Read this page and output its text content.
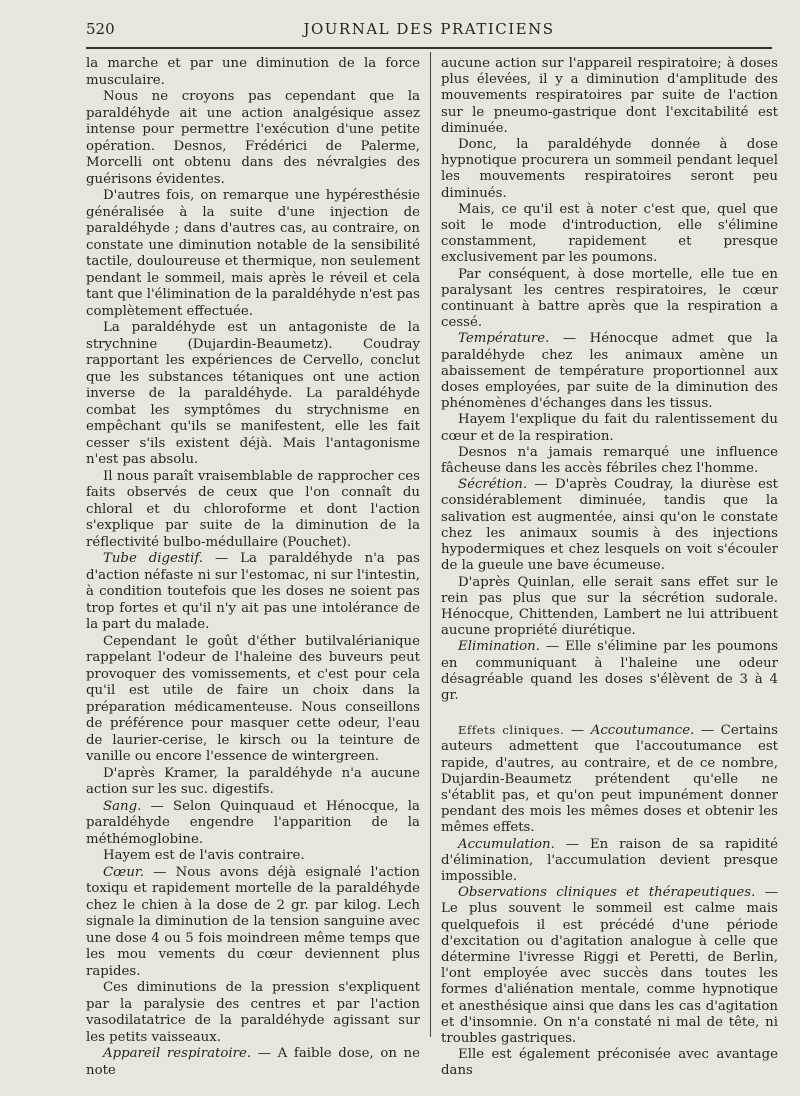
520	JOURNAL DES PRATICIENS

la marche et par une diminution de la force musculaire.

Nous ne croyons pas cependant que la paraldéhyde ait une action analgésique assez intense pour permettre l'exécution d'une petite opération. Desnos, Frédérici de Palerme, Morcelli ont obtenu dans des névralgies des guérisons évidentes.

D'autres fois, on remarque une hypéresthésie généralisée à la suite d'une injection de paraldéhyde ; dans d'autres cas, au contraire, on constate une diminution notable de la sensibilité tactile, douloureuse et thermique, non seulement pendant le sommeil, mais après le réveil et cela tant que l'élimination de la paraldéhyde n'est pas complètement effectuée.

La paraldéhyde est un antagoniste de la strychnine (Dujardin-Beaumetz). Coudray rapportant les expériences de Cervello, conclut que les substances tétaniques ont une action inverse de la paraldéhyde. La paraldéhyde combat les symptômes du strychnisme en empêchant qu'ils se manifestent, elle les fait cesser s'ils existent déjà. Mais l'antagonisme n'est pas absolu.

Il nous paraît vraisemblable de rapprocher ces faits observés de ceux que l'on connaît du chloral et du chloroforme et dont l'action s'explique par suite de la diminution de la réflectivité bulbo-médullaire (Pouchet).

Tube digestif. — La paraldéhyde n'a pas d'action néfaste ni sur l'estomac, ni sur l'intestin, à condition toutefois que les doses ne soient pas trop fortes et qu'il n'y ait pas une intolérance de la part du malade.

Cependant le goût d'éther butilvalérianique rappelant l'odeur de l'haleine des buveurs peut provoquer des vomissements, et c'est pour cela qu'il est utile de faire un choix dans la préparation médicamenteuse. Nous conseillons de préférence pour masquer cette odeur, l'eau de laurier-cerise, le kirsch ou la teinture de vanille ou encore l'essence de wintergreen.

D'après Kramer, la paraldéhyde n'a aucune action sur les suc. digestifs.

Sang. — Selon Quinquaud et Hénocque, la paraldéhyde engendre l'apparition de la méthémoglobine.

Hayem est de l'avis contraire.

Cœur. — Nous avons déjà esignalé l'action toxiqu et rapidement mortelle de la paraldéhyde chez le chien à la dose de 2 gr. par kilog. Lech signale la diminution de la tension sanguine avec une dose 4 ou 5 fois moindreen même temps que les mou vements du cœur deviennent plus rapides.

Ces diminutions de la pression s'expliquent par la paralysie des centres et par l'action vasodilatatrice de la paraldéhyde agissant sur les petits vaisseaux.

Appareil respiratoire. — A faible dose, on ne note

aucune action sur l'appareil respiratoire; à doses plus élevées, il y a diminution d'amplitude des mouvements respiratoires par suite de l'action sur le pneumo-gastrique dont l'excitabilité est diminuée.

Donc, la paraldéhyde donnée à dose hypnotique procurera un sommeil pendant lequel les mouvements respiratoires seront peu diminués.

Mais, ce qu'il est à noter c'est que, quel que soit le mode d'introduction, elle s'élimine constamment, rapidement et presque exclusivement par les poumons.

Par conséquent, à dose mortelle, elle tue en paralysant les centres respiratoires, le cœur continuant à battre après que la respiration a cessé.

Température. — Hénocque admet que la paraldéhyde chez les animaux amène un abaissement de température proportionnel aux doses employées, par suite de la diminution des phénomènes d'échanges dans les tissus.

Hayem l'explique du fait du ralentissement du cœur et de la respiration.

Desnos n'a jamais remarqué une influence fâcheuse dans les accès fébriles chez l'homme.

Sécrétion. — D'après Coudray, la diurèse est considérablement diminuée, tandis que la salivation est augmentée, ainsi qu'on le constate chez les animaux soumis à des injections hypodermiques et chez lesquels on voit s'écouler de la gueule une bave écumeuse.

D'après Quinlan, elle serait sans effet sur le rein pas plus que sur la sécrétion sudorale. Hénocque, Chittenden, Lambert ne lui attribuent aucune propriété diurétique.

Elimination. — Elle s'élimine par les poumons en communiquant à l'haleine une odeur désagréable quand les doses s'élèvent de 3 à 4 gr.

Effets cliniques. — Accoutumance. — Certains auteurs admettent que l'accoutumance est rapide, d'autres, au contraire, et de ce nombre, Dujardin-Beaumetz prétendent qu'elle ne s'établit pas, et qu'on peut impunément donner pendant des mois les mêmes doses et obtenir les mêmes effets.

Accumulation. — En raison de sa rapidité d'élimination, l'accumulation devient presque impossible.

Observations cliniques et thérapeutiques. — Le plus souvent le sommeil est calme mais quelquefois il est précédé d'une période d'excitation ou d'agitation analogue à celle que détermine l'ivresse Riggi et Peretti, de Berlin, l'ont employée avec succès dans toutes les formes d'aliénation mentale, comme hypnotique et anesthésique ainsi que dans les cas d'agitation et d'insomnie. On n'a constaté ni mal de tête, ni troubles gastriques.

Elle est également préconisée avec avantage dans
